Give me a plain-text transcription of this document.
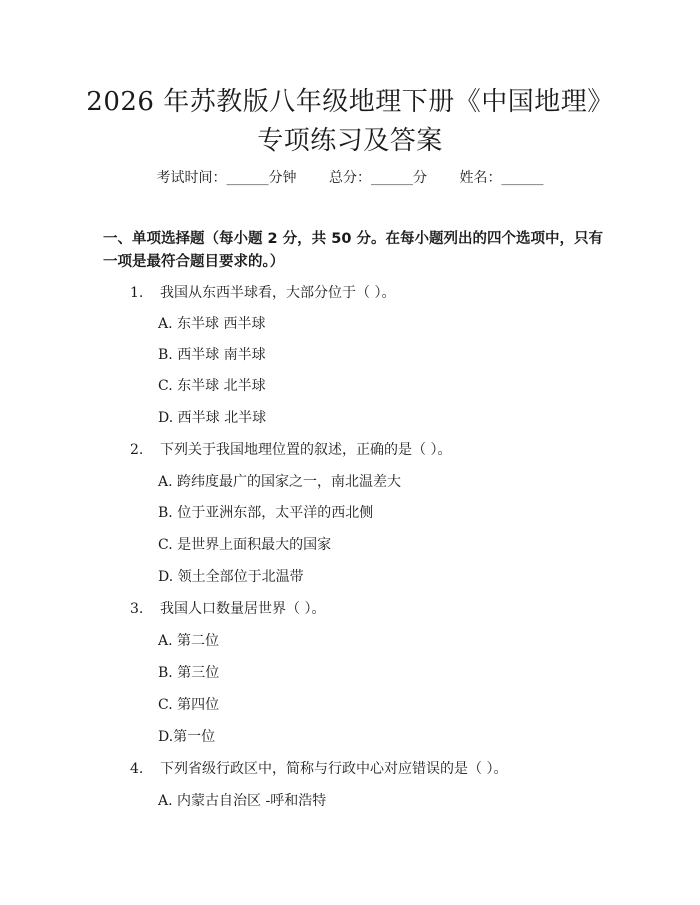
2026 年苏教版八年级地理下册《中国地理》
专项练习及答案
考试时间：______分钟 总分：______分 姓名：______
一、单项选择题（每小题 2 分，共 50 分。在每小题列出的四个选项中，只有一项是最符合题目要求的。）
1. 我国从东西半球看，大部分位于（ ）。
A. 东半球 西半球
B. 西半球 南半球
C. 东半球 北半球
D. 西半球 北半球
2. 下列关于我国地理位置的叙述，正确的是（ ）。
A. 跨纬度最广的国家之一，南北温差大
B. 位于亚洲东部，太平洋的西北侧
C. 是世界上面积最大的国家
D. 领土全部位于北温带
3. 我国人口数量居世界（ ）。
A. 第二位
B. 第三位
C. 第四位
D.第一位
4. 下列省级行政区中，简称与行政中心对应错误的是（ ）。
A. 内蒙古自治区 -呼和浩特
